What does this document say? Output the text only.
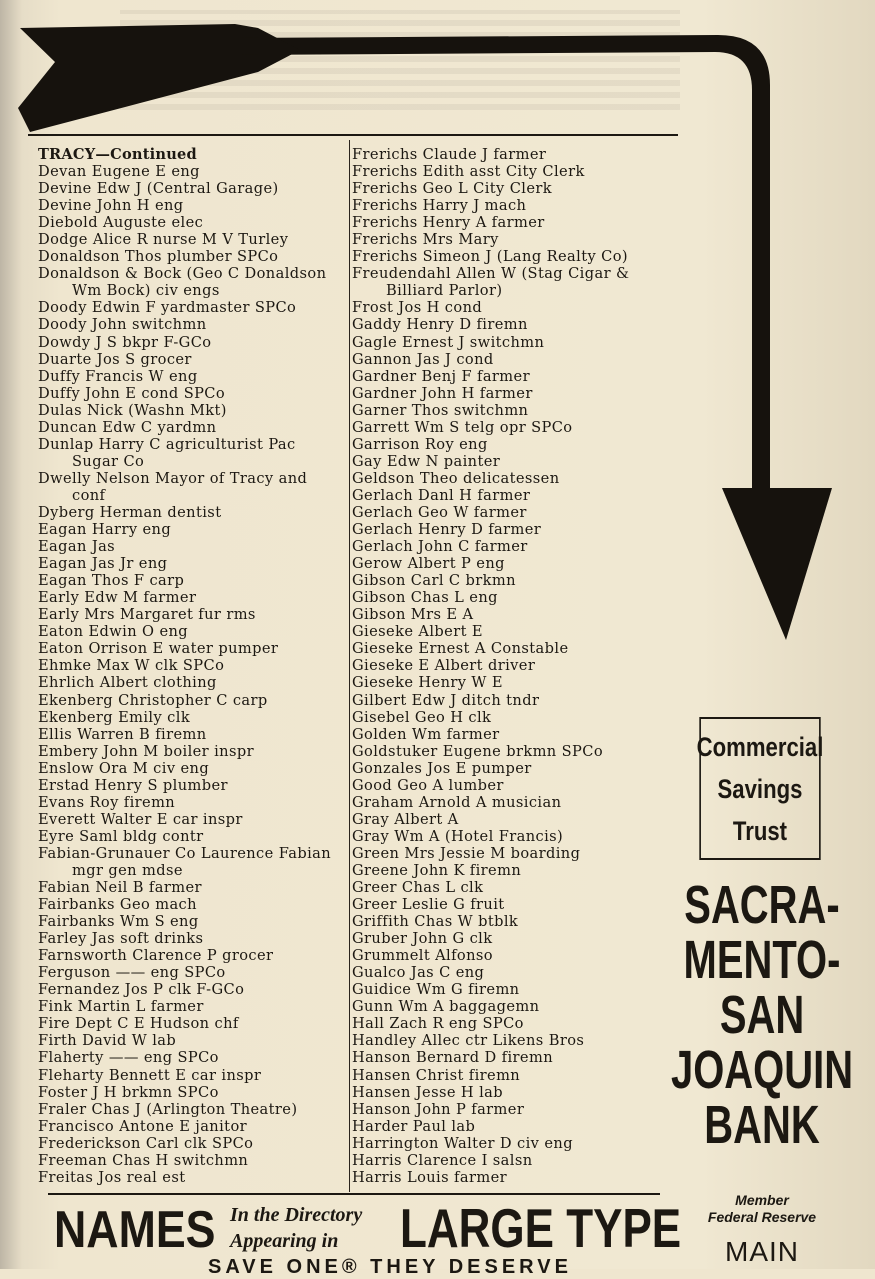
TRACY—Continued
Devan Eugene E eng
Devine Edw J (Central Garage)
Devine John H eng
Diebold Auguste elec
Dodge Alice R nurse M V Turley
Donaldson Thos plumber SPCo
Donaldson & Bock (Geo C Donaldson Wm Bock) civ engs
Doody Edwin F yardmaster SPCo
Doody John switchmn
Dowdy J S bkpr F-GCo
Duarte Jos S grocer
Duffy Francis W eng
Duffy John E cond SPCo
Dulas Nick (Washn Mkt)
Duncan Edw C yardmn
Dunlap Harry C agriculturist Pac Sugar Co
Dwelly Nelson Mayor of Tracy and conf
Dyberg Herman dentist
Eagan Harry eng
Eagan Jas
Eagan Jas Jr eng
Eagan Thos F carp
Early Edw M farmer
Early Mrs Margaret fur rms
Eaton Edwin O eng
Eaton Orrison E water pumper
Ehmke Max W clk SPCo
Ehrlich Albert clothing
Ekenberg Christopher C carp
Ekenberg Emily clk
Ellis Warren B firemn
Embery John M boiler inspr
Enslow Ora M civ eng
Erstad Henry S plumber
Evans Roy firemn
Everett Walter E car inspr
Eyre Saml bldg contr
Fabian-Grunauer Co Laurence Fabian mgr gen mdse
Fabian Neil B farmer
Fairbanks Geo mach
Fairbanks Wm S eng
Farley Jas soft drinks
Farnsworth Clarence P grocer
Ferguson —— eng SPCo
Fernandez Jos P clk F-GCo
Fink Martin L farmer
Fire Dept C E Hudson chf
Firth David W lab
Flaherty —— eng SPCo
Fleharty Bennett E car inspr
Foster J H brkmn SPCo
Fraler Chas J (Arlington Theatre)
Francisco Antone E janitor
Frederickson Carl clk SPCo
Freeman Chas H switchmn
Freitas Jos real est
Frerichs Claude J farmer
Frerichs Edith asst City Clerk
Frerichs Geo L City Clerk
Frerichs Harry J mach
Frerichs Henry A farmer
Frerichs Mrs Mary
Frerichs Simeon J (Lang Realty Co)
Freudendahl Allen W (Stag Cigar & Billiard Parlor)
Frost Jos H cond
Gaddy Henry D firemn
Gagle Ernest J switchmn
Gannon Jas J cond
Gardner Benj F farmer
Gardner John H farmer
Garner Thos switchmn
Garrett Wm S telg opr SPCo
Garrison Roy eng
Gay Edw N painter
Geldson Theo delicatessen
Gerlach Danl H farmer
Gerlach Geo W farmer
Gerlach Henry D farmer
Gerlach John C farmer
Gerow Albert P eng
Gibson Carl C brkmn
Gibson Chas L eng
Gibson Mrs E A
Gieseke Albert E
Gieseke Ernest A Constable
Gieseke E Albert driver
Gieseke Henry W E
Gilbert Edw J ditch tndr
Gisebel Geo H clk
Golden Wm farmer
Goldstuker Eugene brkmn SPCo
Gonzales Jos E pumper
Good Geo A lumber
Graham Arnold A musician
Gray Albert A
Gray Wm A (Hotel Francis)
Green Mrs Jessie M boarding
Greene John K firemn
Greer Chas L clk
Greer Leslie G fruit
Griffith Chas W btblk
Gruber John G clk
Grummelt Alfonso
Gualco Jas C eng
Guidice Wm G firemn
Gunn Wm A baggagemn
Hall Zach R eng SPCo
Handley Allec ctr Likens Bros
Hanson Bernard D firemn
Hansen Christ firemn
Hansen Jesse H lab
Hanson John P farmer
Harder Paul lab
Harrington Walter D civ eng
Harris Clarence I salsn
Harris Louis farmer
Commercial
Savings
Trust
SACRA-
MENTO-
SAN
JOAQUIN
BANK
Member
Federal Reserve
MAIN
NAMES In the Directory
Appearing in	LARGE TYPE
SAVE ONE® THEY DESERVE
